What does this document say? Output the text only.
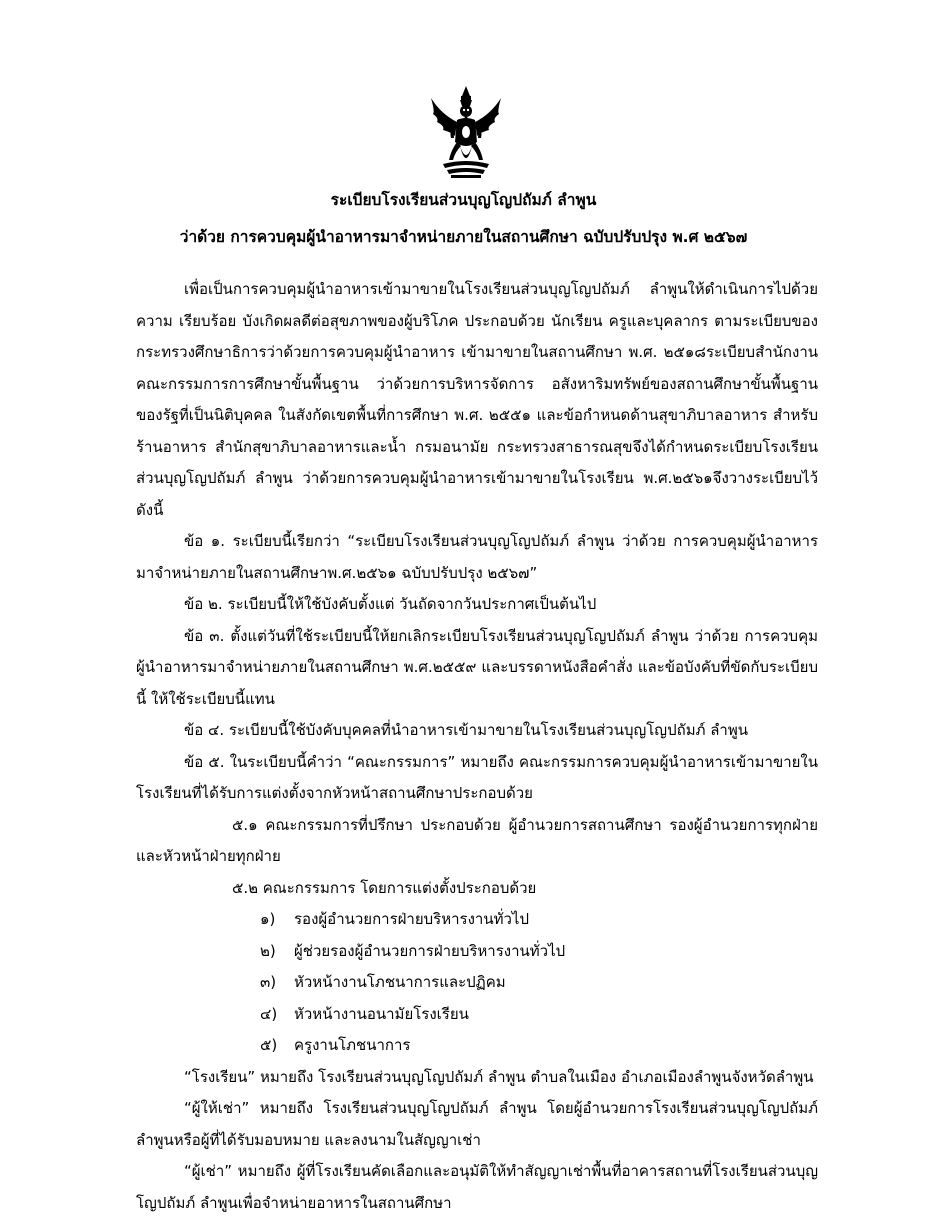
ระเบียบโรงเรียนส่วนบุญโญปถัมภ์ ลำพูน
ว่าด้วย การควบคุมผู้นำอาหารมาจำหน่ายภายในสถานศึกษา ฉบับปรับปรุง พ.ศ ๒๕๖๗

เพื่อเป็นการควบคุมผู้นำอาหารเข้ามาขายในโรงเรียนส่วนบุญโญปถัมภ์ ลำพูนให้ดำเนินการไปด้วยความ เรียบร้อย บังเกิดผลดีต่อสุขภาพของผู้บริโภค ประกอบด้วย นักเรียน ครูและบุคลากร ตามระเบียบของกระทรวงศึกษาธิการว่าด้วยการควบคุมผู้นำอาหาร เข้ามาขายในสถานศึกษา พ.ศ. ๒๕๑๘ระเบียบสำนักงานคณะกรรมการการศึกษาขั้นพื้นฐาน ว่าด้วยการบริหารจัดการ อสังหาริมทรัพย์ของสถานศึกษาขั้นพื้นฐานของรัฐที่เป็นนิติบุคคล ในสังกัดเขตพื้นที่การศึกษา พ.ศ. ๒๕๕๑ และข้อกำหนดด้านสุขาภิบาลอาหาร สำหรับร้านอาหาร สำนักสุขาภิบาลอาหารและน้ำ กรมอนามัย กระทรวงสาธารณสุขจึงได้กำหนดระเบียบโรงเรียนส่วนบุญโญปถัมภ์ ลำพูน ว่าด้วยการควบคุมผู้นำอาหารเข้ามาขายในโรงเรียน พ.ศ.๒๕๖๑จึงวางระเบียบไว้ดังนี้

ข้อ ๑. ระเบียบนี้เรียกว่า “ระเบียบโรงเรียนส่วนบุญโญปถัมภ์ ลำพูน ว่าด้วย การควบคุมผู้นำอาหารมาจำหน่ายภายในสถานศึกษาพ.ศ.๒๕๖๑ ฉบับปรับปรุง ๒๕๖๗”

ข้อ ๒. ระเบียบนี้ให้ใช้บังคับตั้งแต่ วันถัดจากวันประกาศเป็นต้นไป

ข้อ ๓. ตั้งแต่วันที่ใช้ระเบียบนี้ให้ยกเลิกระเบียบโรงเรียนส่วนบุญโญปถัมภ์ ลำพูน ว่าด้วย การควบคุมผู้นำอาหารมาจำหน่ายภายในสถานศึกษา พ.ศ.๒๕๕๙ และบรรดาหนังสือคำสั่ง และข้อบังคับที่ขัดกับระเบียบนี้ ให้ใช้ระเบียบนี้แทน

ข้อ ๔. ระเบียบนี้ใช้บังคับบุคคลที่นำอาหารเข้ามาขายในโรงเรียนส่วนบุญโญปถัมภ์ ลำพูน

ข้อ ๕. ในระเบียบนี้คำว่า “คณะกรรมการ” หมายถึง คณะกรรมการควบคุมผู้นำอาหารเข้ามาขายในโรงเรียนที่ได้รับการแต่งตั้งจากหัวหน้าสถานศึกษาประกอบด้วย

๕.๑ คณะกรรมการที่ปรึกษา ประกอบด้วย ผู้อำนวยการสถานศึกษา รองผู้อำนวยการทุกฝ่ายและหัวหน้าฝ่ายทุกฝ่าย

๕.๒ คณะกรรมการ โดยการแต่งตั้งประกอบด้วย

๑) รองผู้อำนวยการฝ่ายบริหารงานทั่วไป

๒) ผู้ช่วยรองผู้อำนวยการฝ่ายบริหารงานทั่วไป

๓) หัวหน้างานโภชนาการและปฏิคม

๔) หัวหน้างานอนามัยโรงเรียน

๕) ครูงานโภชนาการ

“โรงเรียน” หมายถึง โรงเรียนส่วนบุญโญปถัมภ์ ลำพูน ตำบลในเมือง อำเภอเมืองลำพูนจังหวัดลำพูน

“ผู้ให้เช่า” หมายถึง โรงเรียนส่วนบุญโญปถัมภ์ ลำพูน โดยผู้อำนวยการโรงเรียนส่วนบุญโญปถัมภ์ ลำพูนหรือผู้ที่ได้รับมอบหมาย และลงนามในสัญญาเช่า

“ผู้เช่า” หมายถึง ผู้ที่โรงเรียนคัดเลือกและอนุมัติให้ทำสัญญาเช่าพื้นที่อาคารสถานที่โรงเรียนส่วนบุญโญปถัมภ์ ลำพูนเพื่อจำหน่ายอาหารในสถานศึกษา
